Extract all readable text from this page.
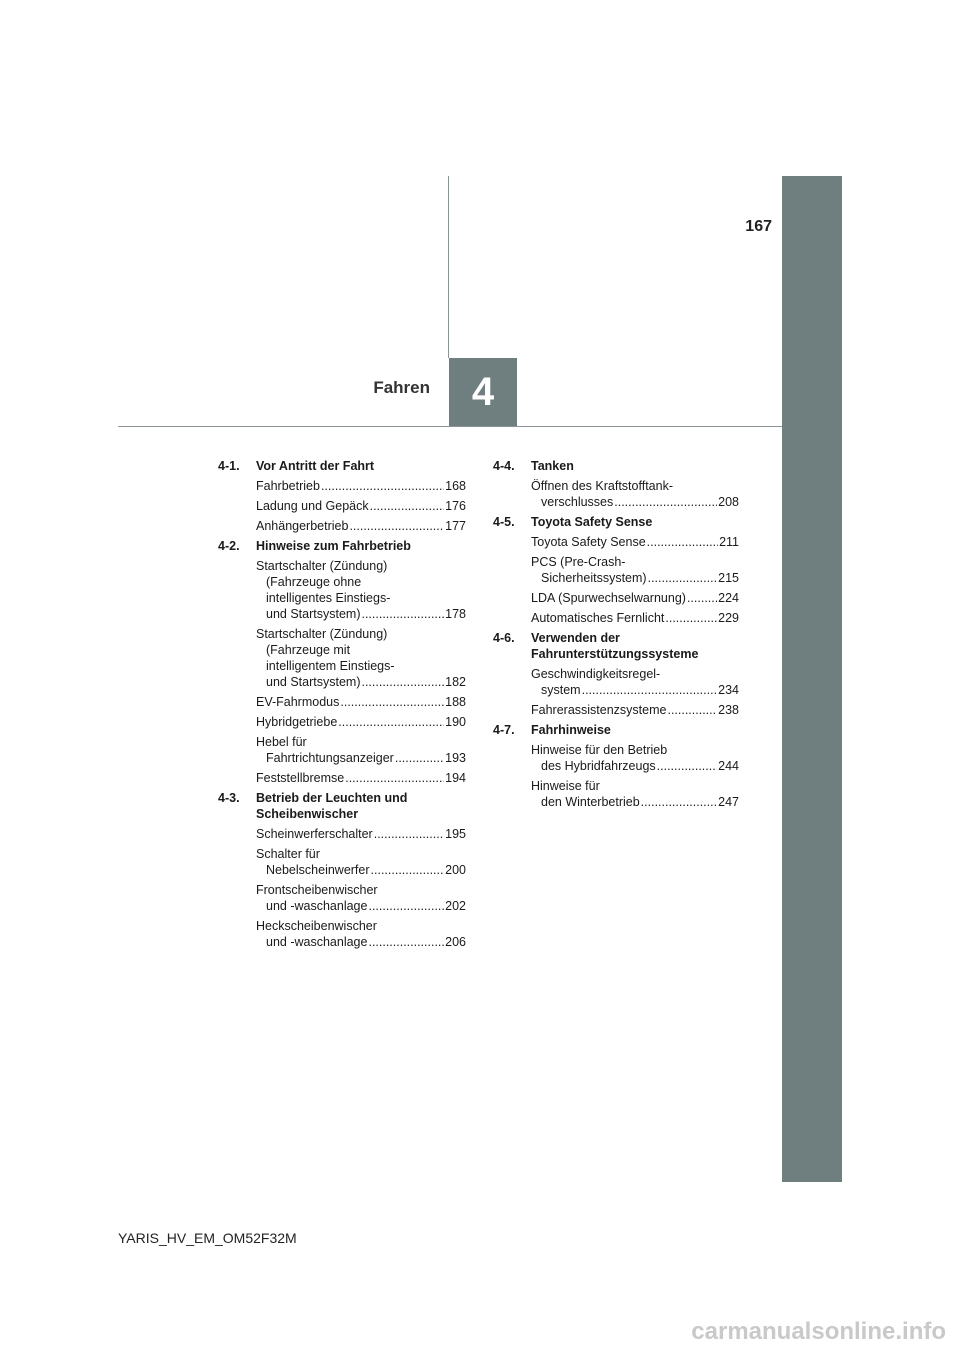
4
Fahren
167
4-1.	Vor Antritt der Fahrt
Fahrbetrieb .....	168
Ladung und Gepäck .....	176
Anhängerbetrieb .....	177
4-2.	Hinweise zum Fahrbetrieb
Startschalter (Zündung)
(Fahrzeuge ohne
intelligentes Einstiegs-
und Startsystem) .....	178
Startschalter (Zündung)
(Fahrzeuge mit
intelligentem Einstiegs-
und Startsystem) .....	182
EV-Fahrmodus .....	188
Hybridgetriebe .....	190
Hebel für
Fahrtrichtungsanzeiger .....	193
Feststellbremse .....	194
4-3.	Betrieb der Leuchten und Scheibenwischer
Scheinwerferschalter .....	195
Schalter für
Nebelscheinwerfer .....	200
Frontscheibenwischer
und -waschanlage .....	202
Heckscheibenwischer
und -waschanlage .....	206
4-4.	Tanken
Öffnen des Kraftstofftank-
verschlusses .....	208
4-5.	Toyota Safety Sense
Toyota Safety Sense .....	211
PCS (Pre-Crash-
Sicherheitssystem) .....	215
LDA (Spurwechselwarnung) .....	224
Automatisches Fernlicht .....	229
4-6.	Verwenden der Fahrunterstützungssysteme
Geschwindigkeitsregel-
system .....	234
Fahrerassistenzsysteme .....	238
4-7.	Fahrhinweise
Hinweise für den Betrieb
des Hybridfahrzeugs .....	244
Hinweise für
den Winterbetrieb .....	247
YARIS_HV_EM_OM52F32M
carmanualsonline.info
